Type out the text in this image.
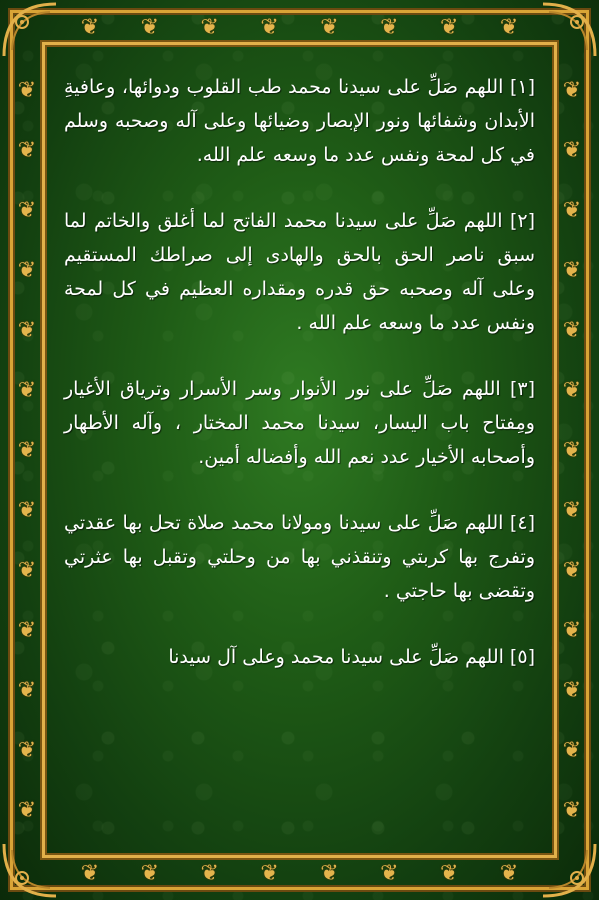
❦ ❦ ❦ ❦ ❦ ❦ ❦ ❦
❦ ❦ ❦ ❦ ❦ ❦ ❦ ❦
❦
❦
❦
❦
❦
❦
❦
❦
❦
❦
❦
❦
❦
❦
❦
❦
❦
❦
❦
❦
❦
❦
❦
❦
❦
❦

[١] اللهم صَلِّ على سيدنا محمد طب القلوب ودوائها، وعافيةِ الأبدان وشفائها ونور الإبصار وضيائها وعلى آله وصحبه وسلم في كل لمحة ونفس عدد ما وسعه علم الله.

[٢] اللهم صَلِّ على سيدنا محمد الفاتح لما أغلق والخاتم لما سبق ناصر الحق بالحق والهادى إلى صراطك المستقيم وعلى آله وصحبه حق قدره ومقداره العظيم في كل لمحة ونفس عدد ما وسعه علم الله .

[٣] اللهم صَلِّ على نور الأنوار وسر الأسرار وترياق الأغيار ومِفتاح باب اليسار، سيدنا محمد المختار ، وآله الأطهار وأصحابه الأخيار عدد نعم الله وأفضاله أمين.

[٤] اللهم صَلِّ على سيدنا ومولانا محمد صلاة تحل بها عقدتي وتفرج بها كربتي وتنقذني بها من وحلتي وتقبل بها عثرتي وتقضى بها حاجتي .

[٥] اللهم صَلِّ على سيدنا محمد وعلى آل سيدنا
